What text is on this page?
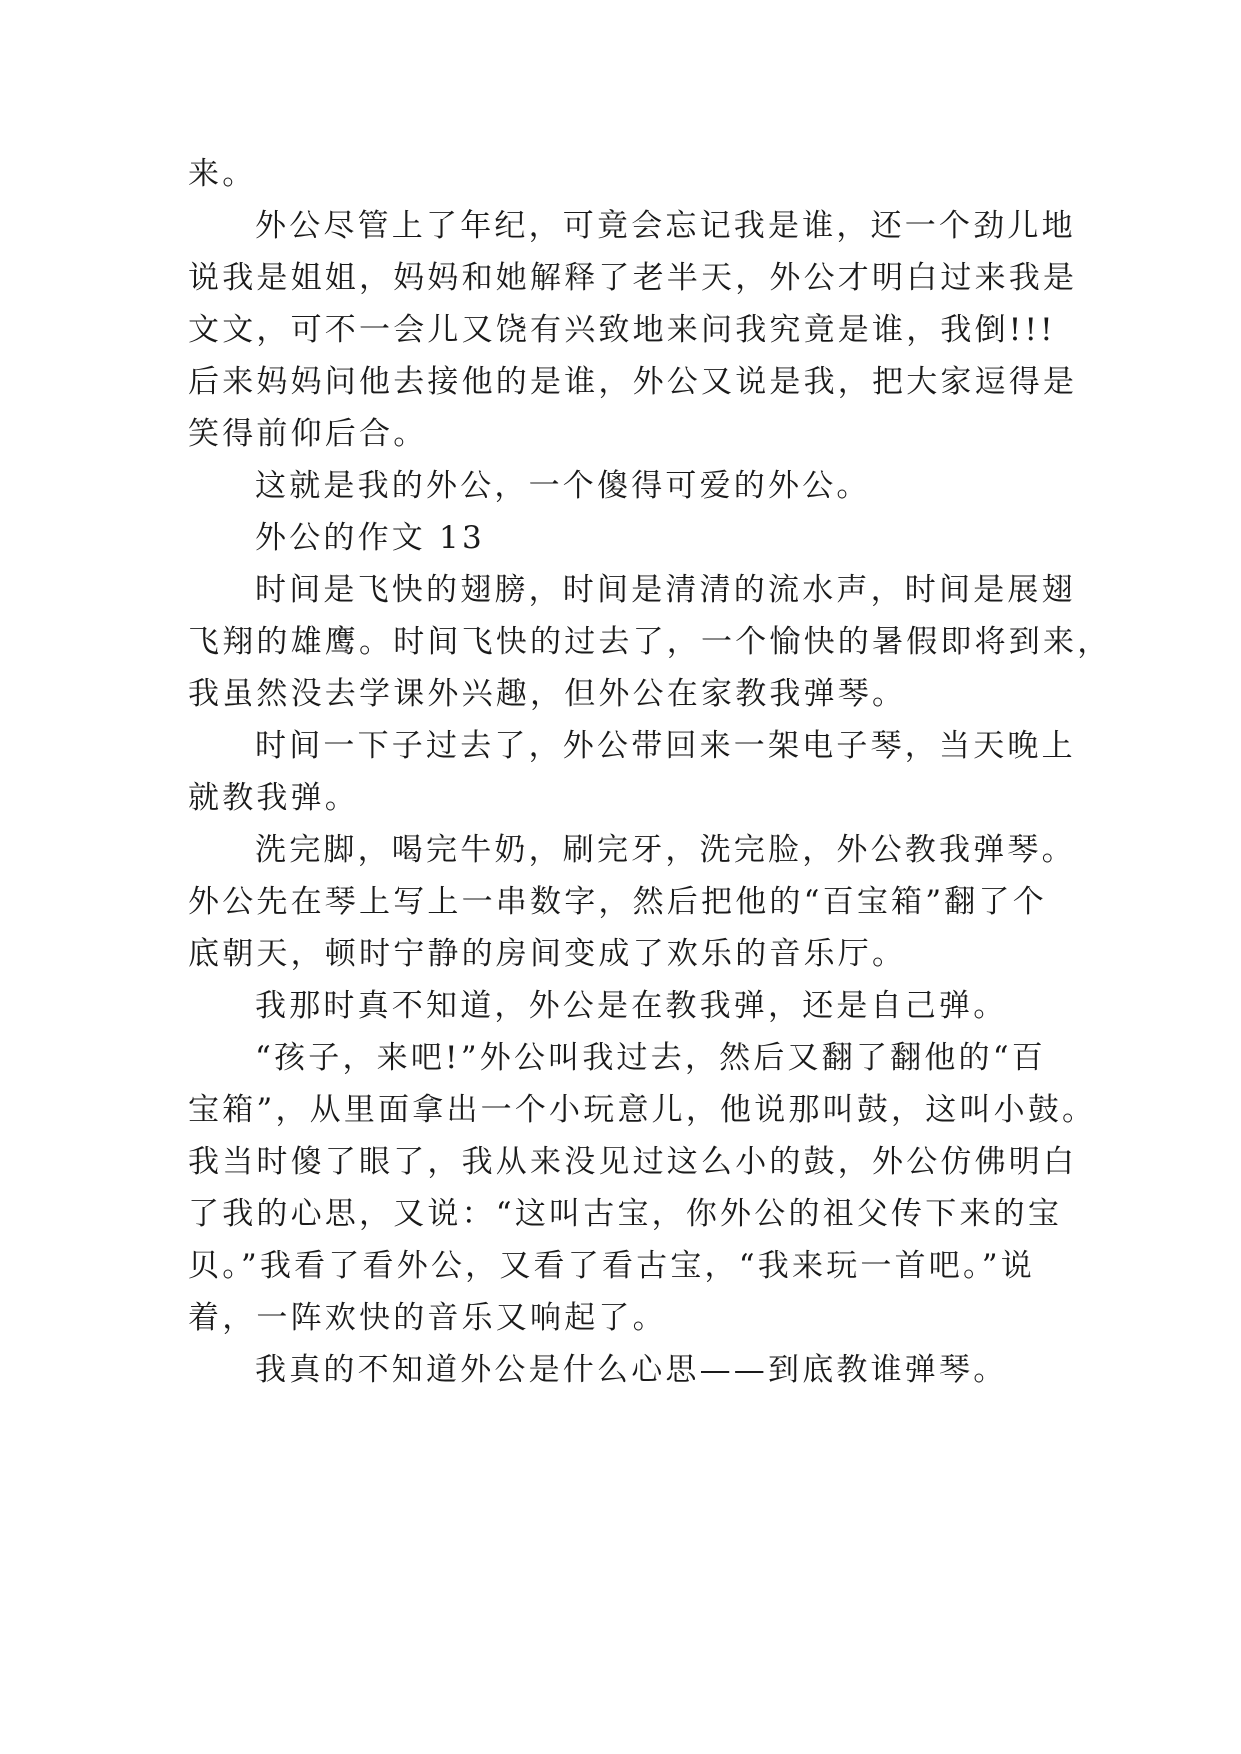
来。
外公尽管上了年纪，可竟会忘记我是谁，还一个劲儿地
说我是姐姐，妈妈和她解释了老半天，外公才明白过来我是
文文，可不一会儿又饶有兴致地来问我究竟是谁，我倒!!!
后来妈妈问他去接他的是谁，外公又说是我，把大家逗得是
笑得前仰后合。
这就是我的外公，一个傻得可爱的外公。
外公的作文 13
时间是飞快的翅膀，时间是清清的流水声，时间是展翅
飞翔的雄鹰。时间飞快的过去了，一个愉快的暑假即将到来，
我虽然没去学课外兴趣，但外公在家教我弹琴。
时间一下子过去了，外公带回来一架电子琴，当天晚上
就教我弹。
洗完脚，喝完牛奶，刷完牙，洗完脸，外公教我弹琴。
外公先在琴上写上一串数字，然后把他的“百宝箱”翻了个
底朝天，顿时宁静的房间变成了欢乐的音乐厅。
我那时真不知道，外公是在教我弹，还是自己弹。
“孩子，来吧!”外公叫我过去，然后又翻了翻他的“百
宝箱”，从里面拿出一个小玩意儿，他说那叫鼓，这叫小鼓。
我当时傻了眼了，我从来没见过这么小的鼓，外公仿佛明白
了我的心思，又说：“这叫古宝，你外公的祖父传下来的宝
贝。”我看了看外公，又看了看古宝，“我来玩一首吧。”说
着，一阵欢快的音乐又响起了。
我真的不知道外公是什么心思——到底教谁弹琴。
